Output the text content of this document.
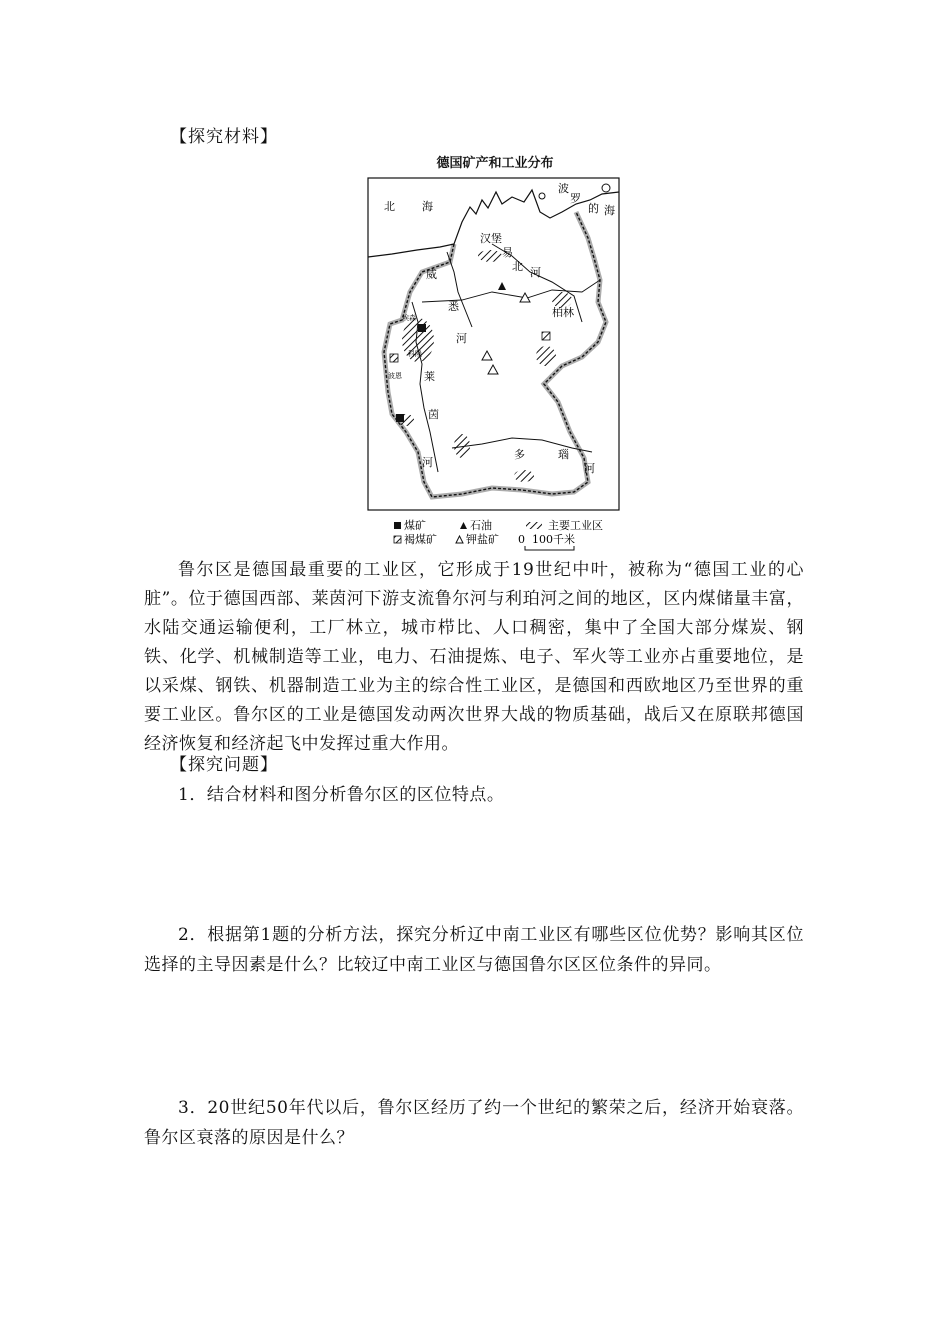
【探究材料】
德国矿产和工业分布
北 海
波
罗
的 海
汉堡
易
北 河
威
悉
河
柏林
埃森
科隆
波恩 莱
茵
河
多	瑙
河
煤矿	石油	主要工业区
褐煤矿	钾盐矿 0 100千米
鲁尔区是德国最重要的工业区，它形成于19世纪中叶，被称为“德国工业的心脏”。位于德国西部、莱茵河下游支流鲁尔河与利珀河之间的地区，区内煤储量丰富，水陆交通运输便利，工厂林立，城市栉比、人口稠密，集中了全国大部分煤炭、钢铁、化学、机械制造等工业，电力、石油提炼、电子、军火等工业亦占重要地位，是以采煤、钢铁、机器制造工业为主的综合性工业区，是德国和西欧地区乃至世界的重要工业区。鲁尔区的工业是德国发动两次世界大战的物质基础，战后又在原联邦德国经济恢复和经济起飞中发挥过重大作用。
【探究问题】
1．结合材料和图分析鲁尔区的区位特点。
2．根据第1题的分析方法，探究分析辽中南工业区有哪些区位优势？影响其区位选择的主导因素是什么？比较辽中南工业区与德国鲁尔区区位条件的异同。
3．20世纪50年代以后，鲁尔区经历了约一个世纪的繁荣之后，经济开始衰落。鲁尔区衰落的原因是什么？
